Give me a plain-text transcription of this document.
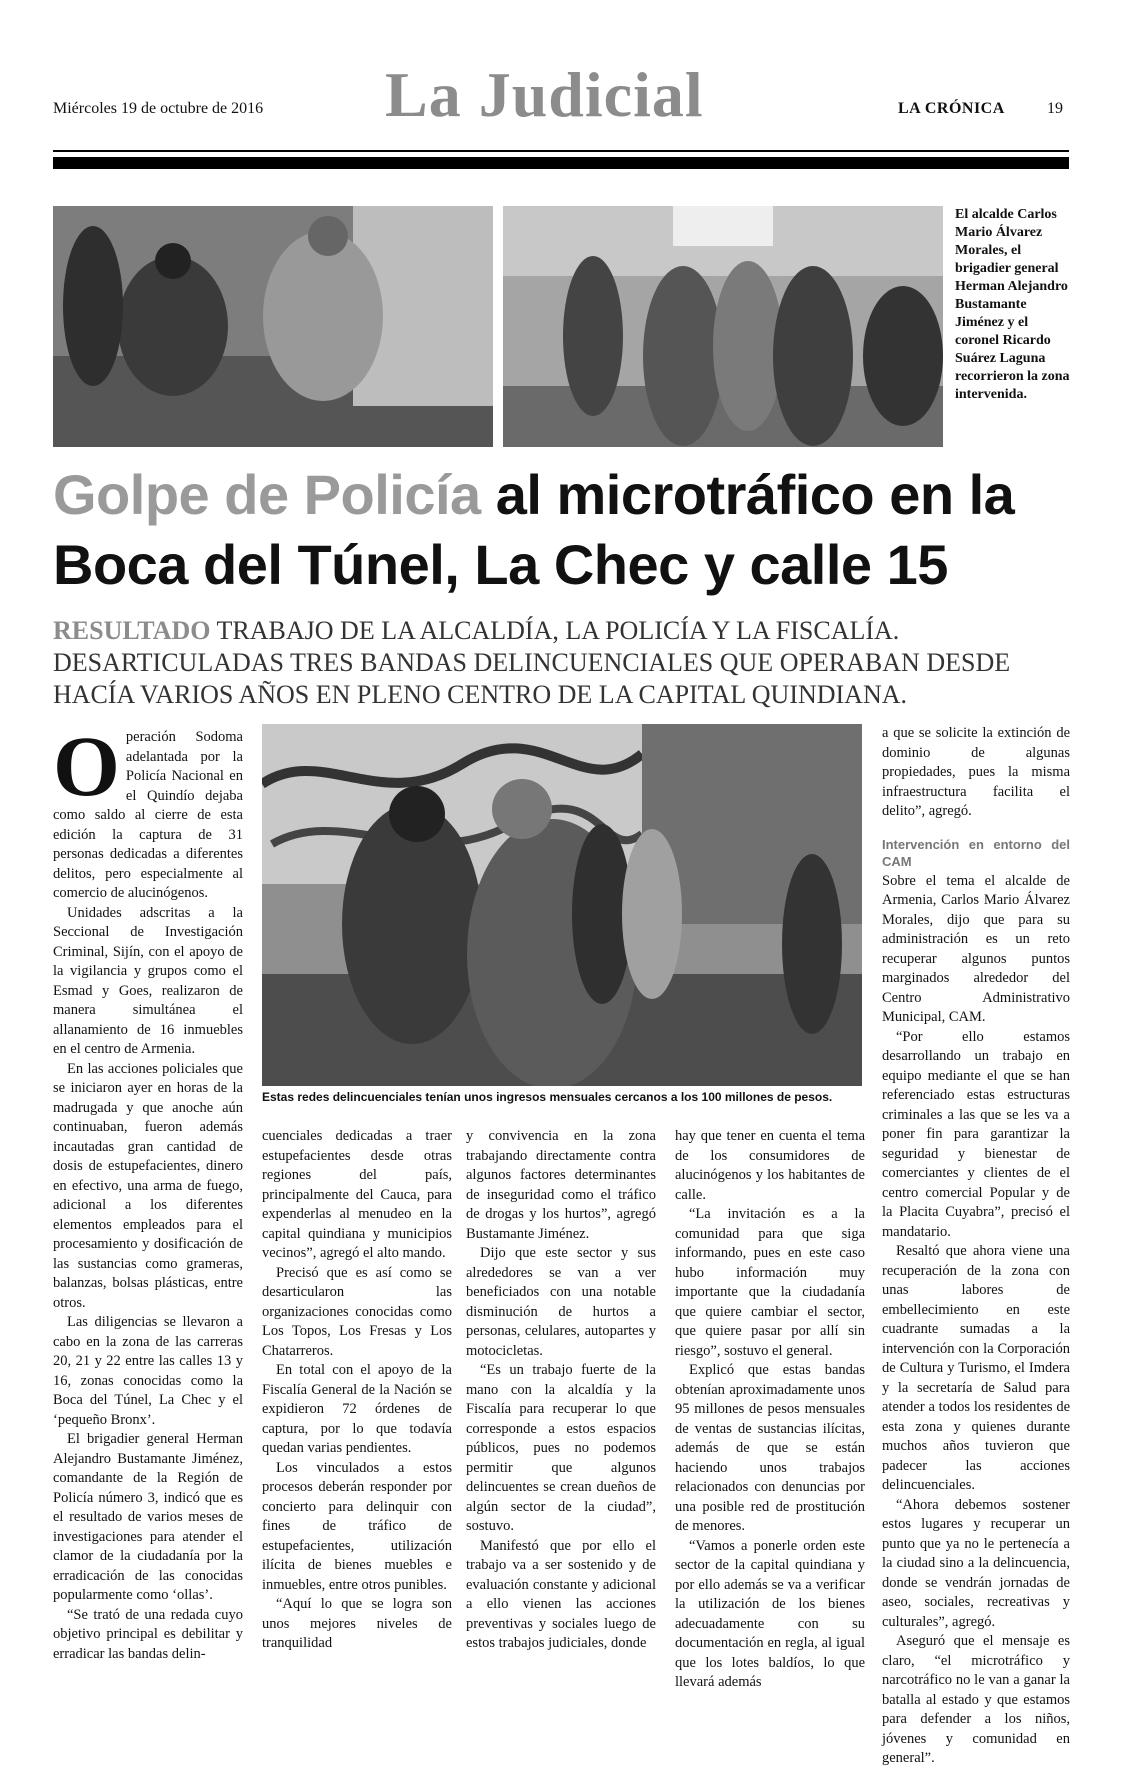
Miércoles 19 de octubre de 2016 La Judicial	LA CRÓNICA	19
El alcalde Carlos Mario Álvarez Morales, el brigadier general Herman Alejandro Bustamante Jiménez y el coronel Ricardo Suárez Laguna recorrieron la zona intervenida.
Golpe de Policía al microtráfico en la Boca del Túnel, La Chec y calle 15
RESULTADO TRABAJO DE LA ALCALDÍA, LA POLICÍA Y LA FISCALÍA. DESARTICULADAS TRES BANDAS DELINCUENCIALES QUE OPERABAN DESDE HACÍA VARIOS AÑOS EN PLENO CENTRO DE LA CAPITAL QUINDIANA.
Estas redes delincuenciales tenían unos ingresos mensuales cercanos a los 100 millones de pesos.

Operación Sodoma adelantada por la Policía Nacional en el Quindío dejaba como saldo al cierre de esta edición la captura de 31 personas dedicadas a diferentes delitos, pero especialmente al comercio de alucinógenos.

Unidades adscritas a la Seccional de Investigación Criminal, Sijín, con el apoyo de la vigilancia y grupos como el Esmad y Goes, realizaron de manera simultánea el allanamiento de 16 inmuebles en el centro de Armenia.

En las acciones policiales que se iniciaron ayer en horas de la madrugada y que anoche aún continuaban, fueron además incautadas gran cantidad de dosis de estupefacientes, dinero en efectivo, una arma de fuego, adicional a los diferentes elementos empleados para el procesamiento y dosificación de las sustancias como grameras, balanzas, bolsas plásticas, entre otros.

Las diligencias se llevaron a cabo en la zona de las carreras 20, 21 y 22 entre las calles 13 y 16, zonas conocidas como la Boca del Túnel, La Chec y el ‘pequeño Bronx’.

El brigadier general Herman Alejandro Bustamante Jiménez, comandante de la Región de Policía número 3, indicó que es el resultado de varios meses de investigaciones para atender el clamor de la ciudadanía por la erradicación de las conocidas popularmente como ‘ollas’.

“Se trató de una redada cuyo objetivo principal es debilitar y erradicar las bandas delin-

cuenciales dedicadas a traer estupefacientes desde otras regiones del país, principalmente del Cauca, para expenderlas al menudeo en la capital quindiana y municipios vecinos”, agregó el alto mando.

Precisó que es así como se desarticularon las organizaciones conocidas como Los Topos, Los Fresas y Los Chatarreros.

En total con el apoyo de la Fiscalía General de la Nación se expidieron 72 órdenes de captura, por lo que todavía quedan varias pendientes.

Los vinculados a estos procesos deberán responder por concierto para delinquir con fines de tráfico de estupefacientes, utilización ilícita de bienes muebles e inmuebles, entre otros punibles.

“Aquí lo que se logra son unos mejores niveles de tranquilidad

y convivencia en la zona trabajando directamente contra algunos factores determinantes de inseguridad como el tráfico de drogas y los hurtos”, agregó Bustamante Jiménez.

Dijo que este sector y sus alrededores se van a ver beneficiados con una notable disminución de hurtos a personas, celulares, autopartes y motocicletas.

“Es un trabajo fuerte de la mano con la alcaldía y la Fiscalía para recuperar lo que corresponde a estos espacios públicos, pues no podemos permitir que algunos delincuentes se crean dueños de algún sector de la ciudad”, sostuvo.

Manifestó que por ello el trabajo va a ser sostenido y de evaluación constante y adicional a ello vienen las acciones preventivas y sociales luego de estos trabajos judiciales, donde

hay que tener en cuenta el tema de los consumidores de alucinógenos y los habitantes de calle.

“La invitación es a la comunidad para que siga informando, pues en este caso hubo información muy importante que la ciudadanía que quiere cambiar el sector, que quiere pasar por allí sin riesgo”, sostuvo el general.

Explicó que estas bandas obtenían aproximadamente unos 95 millones de pesos mensuales de ventas de sustancias ilícitas, además de que se están haciendo unos trabajos relacionados con denuncias por una posible red de prostitución de menores.

“Vamos a ponerle orden este sector de la capital quindiana y por ello además se va a verificar la utilización de los bienes adecuadamente con su documentación en regla, al igual que los lotes baldíos, lo que llevará además

a que se solicite la extinción de dominio de algunas propiedades, pues la misma infraestructura facilita el delito”, agregó.

Intervención en entorno del CAM

Sobre el tema el alcalde de Armenia, Carlos Mario Álvarez Morales, dijo que para su administración es un reto recuperar algunos puntos marginados alrededor del Centro Administrativo Municipal, CAM.

“Por ello estamos desarrollando un trabajo en equipo mediante el que se han referenciado estas estructuras criminales a las que se les va a poner fin para garantizar la seguridad y bienestar de comerciantes y clientes de el centro comercial Popular y de la Placita Cuyabra”, precisó el mandatario.

Resaltó que ahora viene una recuperación de la zona con unas labores de embellecimiento en este cuadrante sumadas a la intervención con la Corporación de Cultura y Turismo, el Imdera y la secretaría de Salud para atender a todos los residentes de esta zona y quienes durante muchos años tuvieron que padecer las acciones delincuenciales.

“Ahora debemos sostener estos lugares y recuperar un punto que ya no le pertenecía a la ciudad sino a la delincuencia, donde se vendrán jornadas de aseo, sociales, recreativas y culturales”, agregó.

Aseguró que el mensaje es claro, “el microtráfico y narcotráfico no le van a ganar la batalla al estado y que estamos para defender a los niños, jóvenes y comunidad en general”.
